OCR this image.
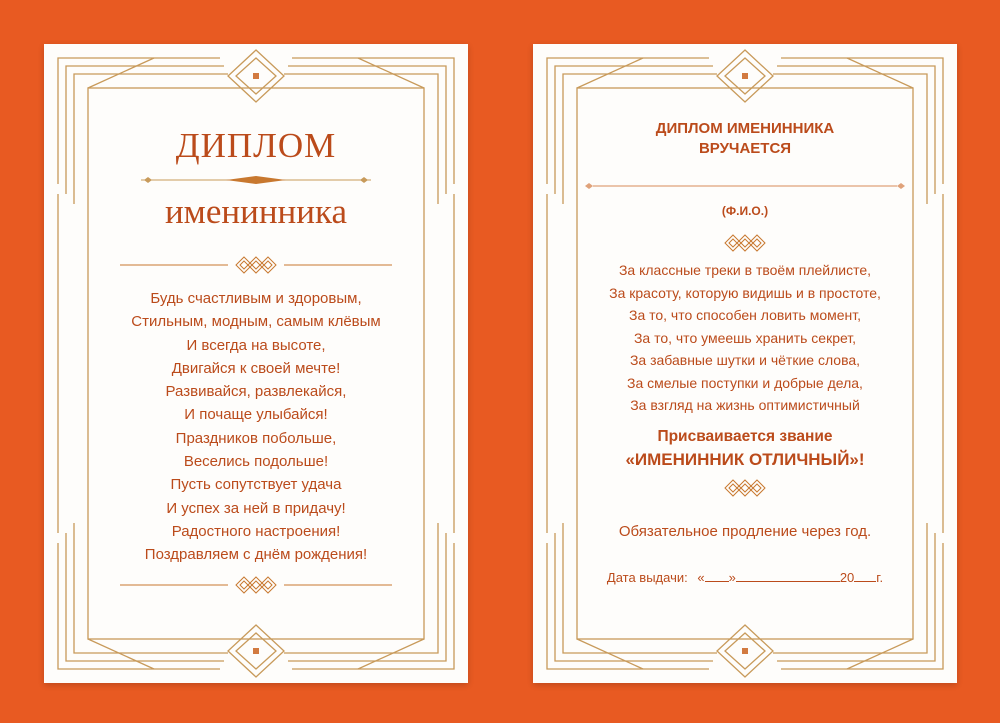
ДИПЛОМ

именинника

Будь счастливым и здоровым,

Стильным, модным, самым клёвым

И всегда на высоте,

Двигайся к своей мечте!

Развивайся, развлекайся,

И почаще улыбайся!

Праздников побольше,

Веселись подольше!

Пусть сопутствует удача

И успех за ней в придачу!

Радостного настроения!

Поздравляем с днём рождения!

ДИПЛОМ ИМЕНИННИКА

ВРУЧАЕТСЯ

(Ф.И.О.)

За классные треки в твоём плейлисте,

За красоту, которую видишь и в простоте,

За то, что способен ловить момент,

За то, что умеешь хранить секрет,

За забавные шутки и чёткие слова,

За смелые поступки и добрые дела,

За взгляд на жизнь оптимистичный

Присваивается звание

«ИМЕНИННИК ОТЛИЧНЫЙ»!

Обязательное продление через год.

Дата выдачи: « »	20 г.
